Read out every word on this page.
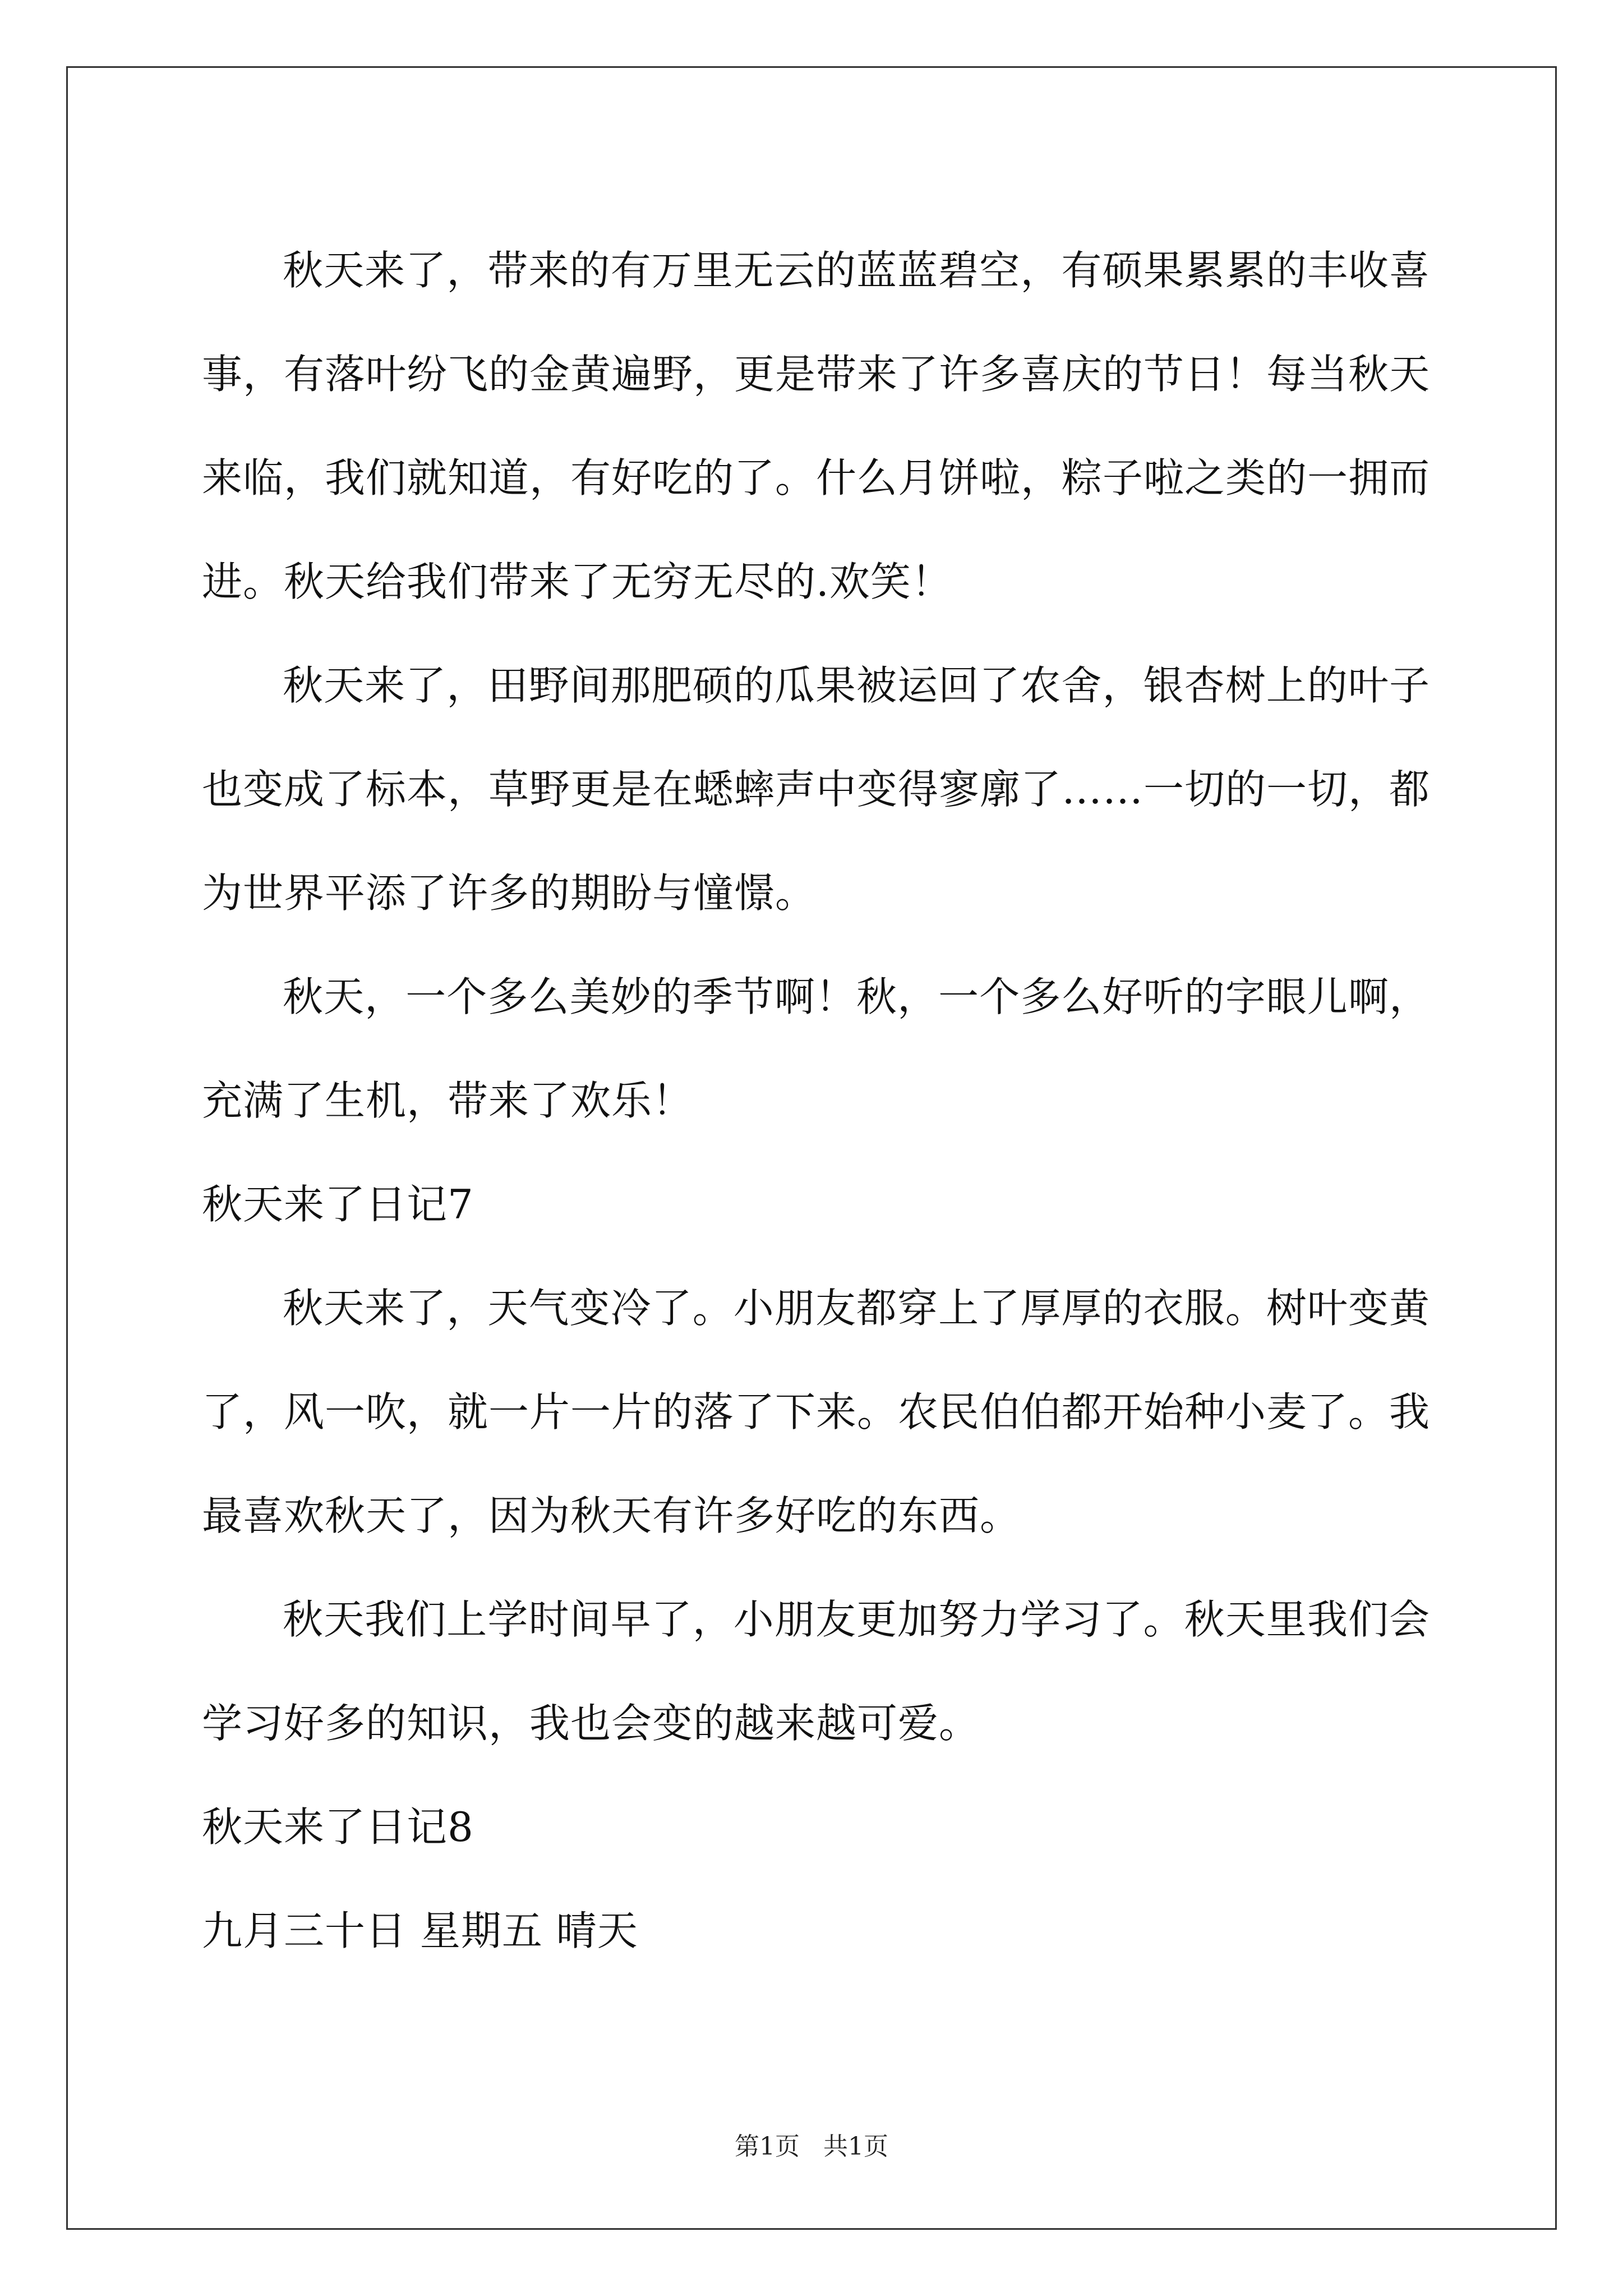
秋天来了，带来的有万里无云的蓝蓝碧空，有硕果累累的丰收喜事，有落叶纷飞的金黄遍野，更是带来了许多喜庆的节日！每当秋天来临，我们就知道，有好吃的了。什么月饼啦，粽子啦之类的一拥而进。秋天给我们带来了无穷无尽的.欢笑！

秋天来了，田野间那肥硕的瓜果被运回了农舍，银杏树上的叶子也变成了标本，草野更是在蟋蟀声中变得寥廓了……一切的一切，都为世界平添了许多的期盼与憧憬。

秋天，一个多么美妙的季节啊！秋，一个多么好听的字眼儿啊，充满了生机，带来了欢乐！

秋天来了日记7

秋天来了，天气变冷了。小朋友都穿上了厚厚的衣服。树叶变黄了，风一吹，就一片一片的落了下来。农民伯伯都开始种小麦了。我最喜欢秋天了，因为秋天有许多好吃的东西。

秋天我们上学时间早了，小朋友更加努力学习了。秋天里我们会学习好多的知识，我也会变的越来越可爱。

秋天来了日记8

九月三十日 星期五 晴天

第1页   共1页
